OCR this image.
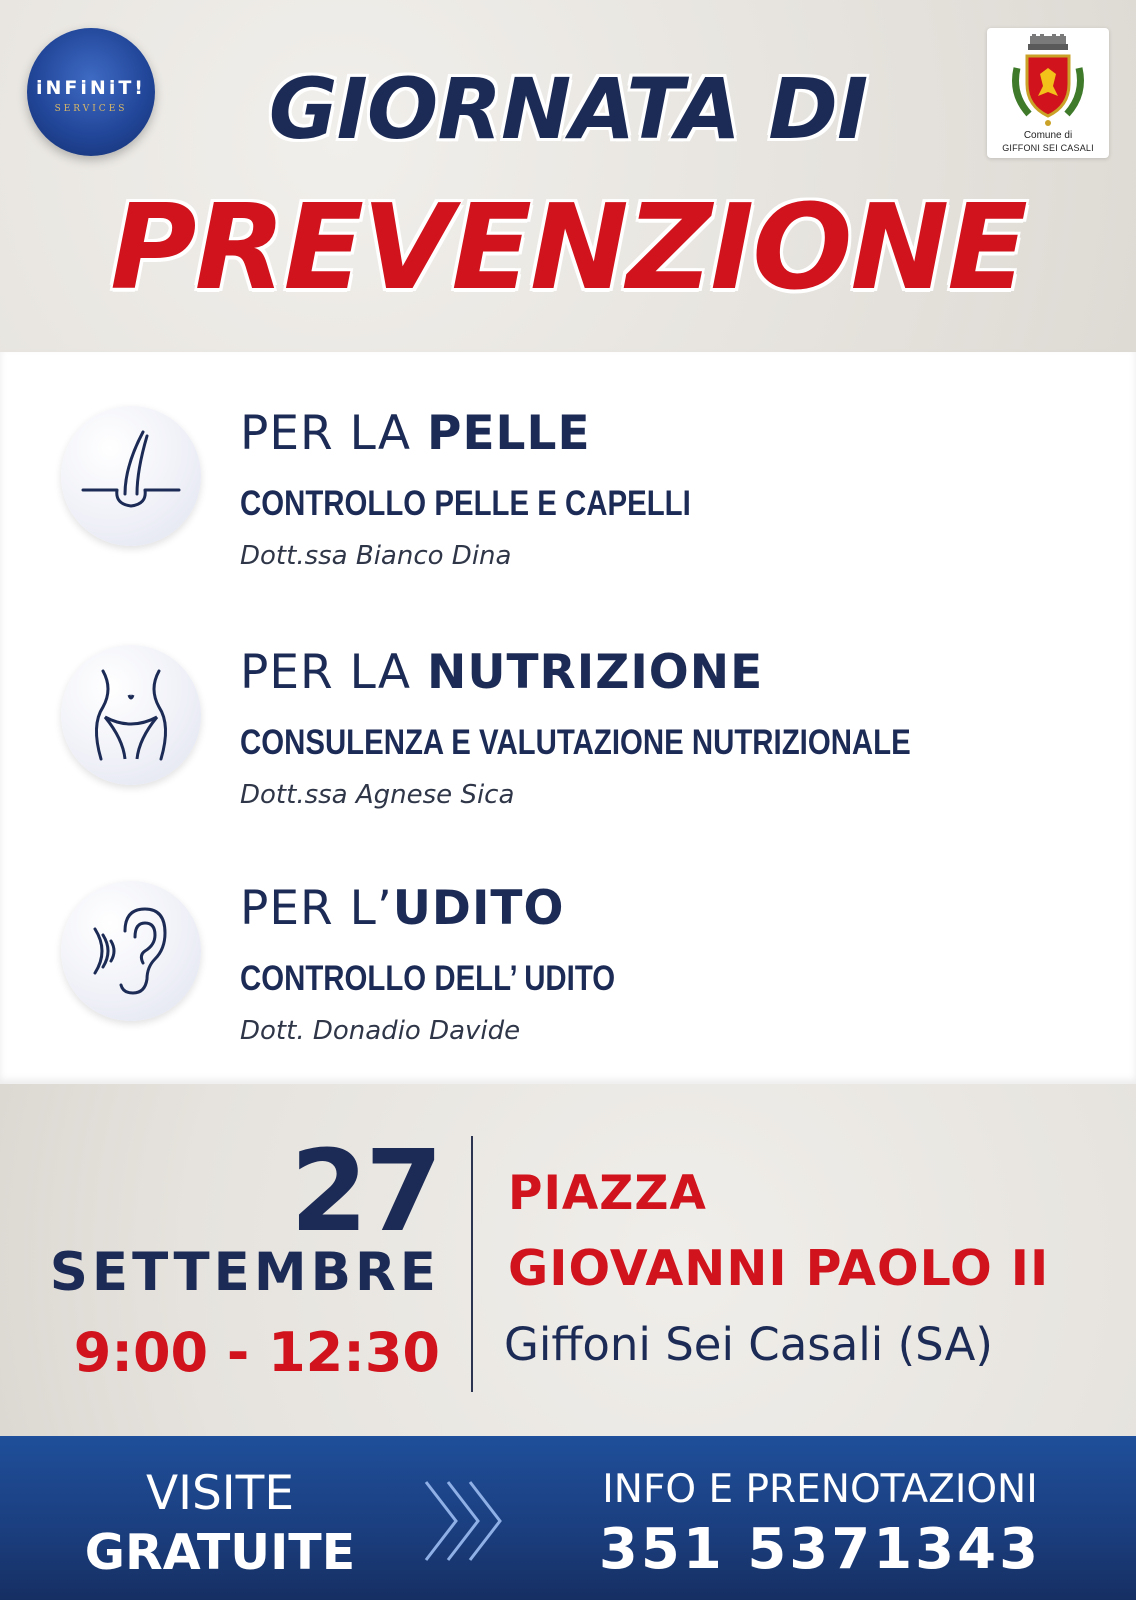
iNFiNiT!
SERVICES
Comune di
GIFFONI SEI CASALI
GIORNATA DI
PREVENZIONE
PER LA PELLE
CONTROLLO PELLE E CAPELLI
Dott.ssa Bianco Dina
PER LA NUTRIZIONE
CONSULENZA E VALUTAZIONE NUTRIZIONALE
Dott.ssa Agnese Sica
PER L’UDITO
CONTROLLO DELL’ UDITO
Dott. Donadio Davide
27
SETTEMBRE
9:00 - 12:30
PIAZZA
GIOVANNI PAOLO II
Giffoni Sei Casali (SA)
VISITE
GRATUITE
INFO E PRENOTAZIONI
351 5371343
